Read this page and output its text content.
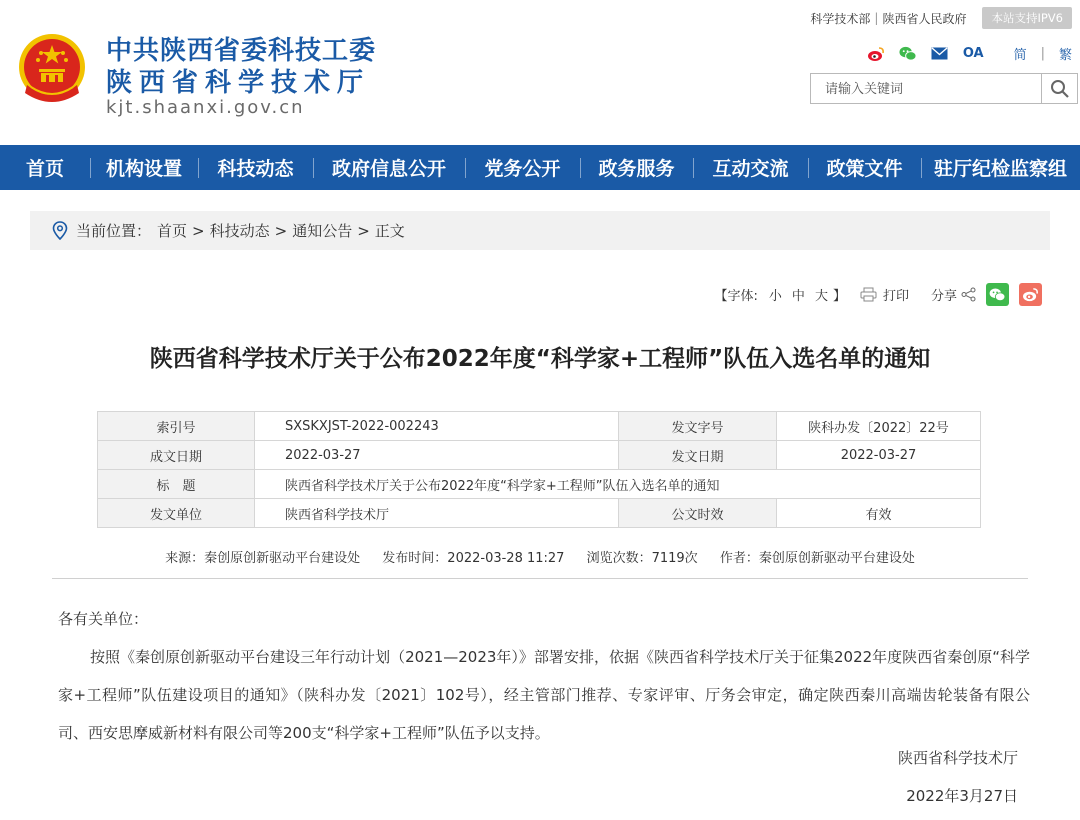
科学技术部 | 陕西省人民政府	本站支持IPV6
中共陕西省委科技工委
陕西省科学技术厅
kjt.shaanxi.gov.cn
OA 简 | 繁
请输入关键词
首页	机构设置	科技动态	政府信息公开	党务公开	政务服务	互动交流	政策文件	驻厅纪检监察组
当前位置： 首页 > 科技动态 > 通知公告 > 正文
【字体: 小 中 大 】	打印 分享
陕西省科学技术厅关于公布2022年度“科学家+工程师”队伍入选名单的通知
索引号	SXSKXJST-2022-002243	发文字号	陕科办发〔2022〕22号
成文日期	2022-03-27	发文日期	2022-03-27
标　题	陕西省科学技术厅关于公布2022年度“科学家+工程师”队伍入选名单的通知		
发文单位	陕西省科学技术厅	公文时效	有效
来源：秦创原创新驱动平台建设处 发布时间：2022-03-28 11:27 浏览次数：7119次 作者：秦创原创新驱动平台建设处

各有关单位：

按照《秦创原创新驱动平台建设三年行动计划（2021—2023年）》部署安排，依据《陕西省科学技术厅关于征集2022年度陕西省秦创原“科学家+工程师”队伍建设项目的通知》（陕科办发〔2021〕102号），经主管部门推荐、专家评审、厅务会审定，确定陕西秦川高端齿轮装备有限公司、西安思摩威新材料有限公司等200支“科学家+工程师”队伍予以支持。

陕西省科学技术厅
2022年3月27日
